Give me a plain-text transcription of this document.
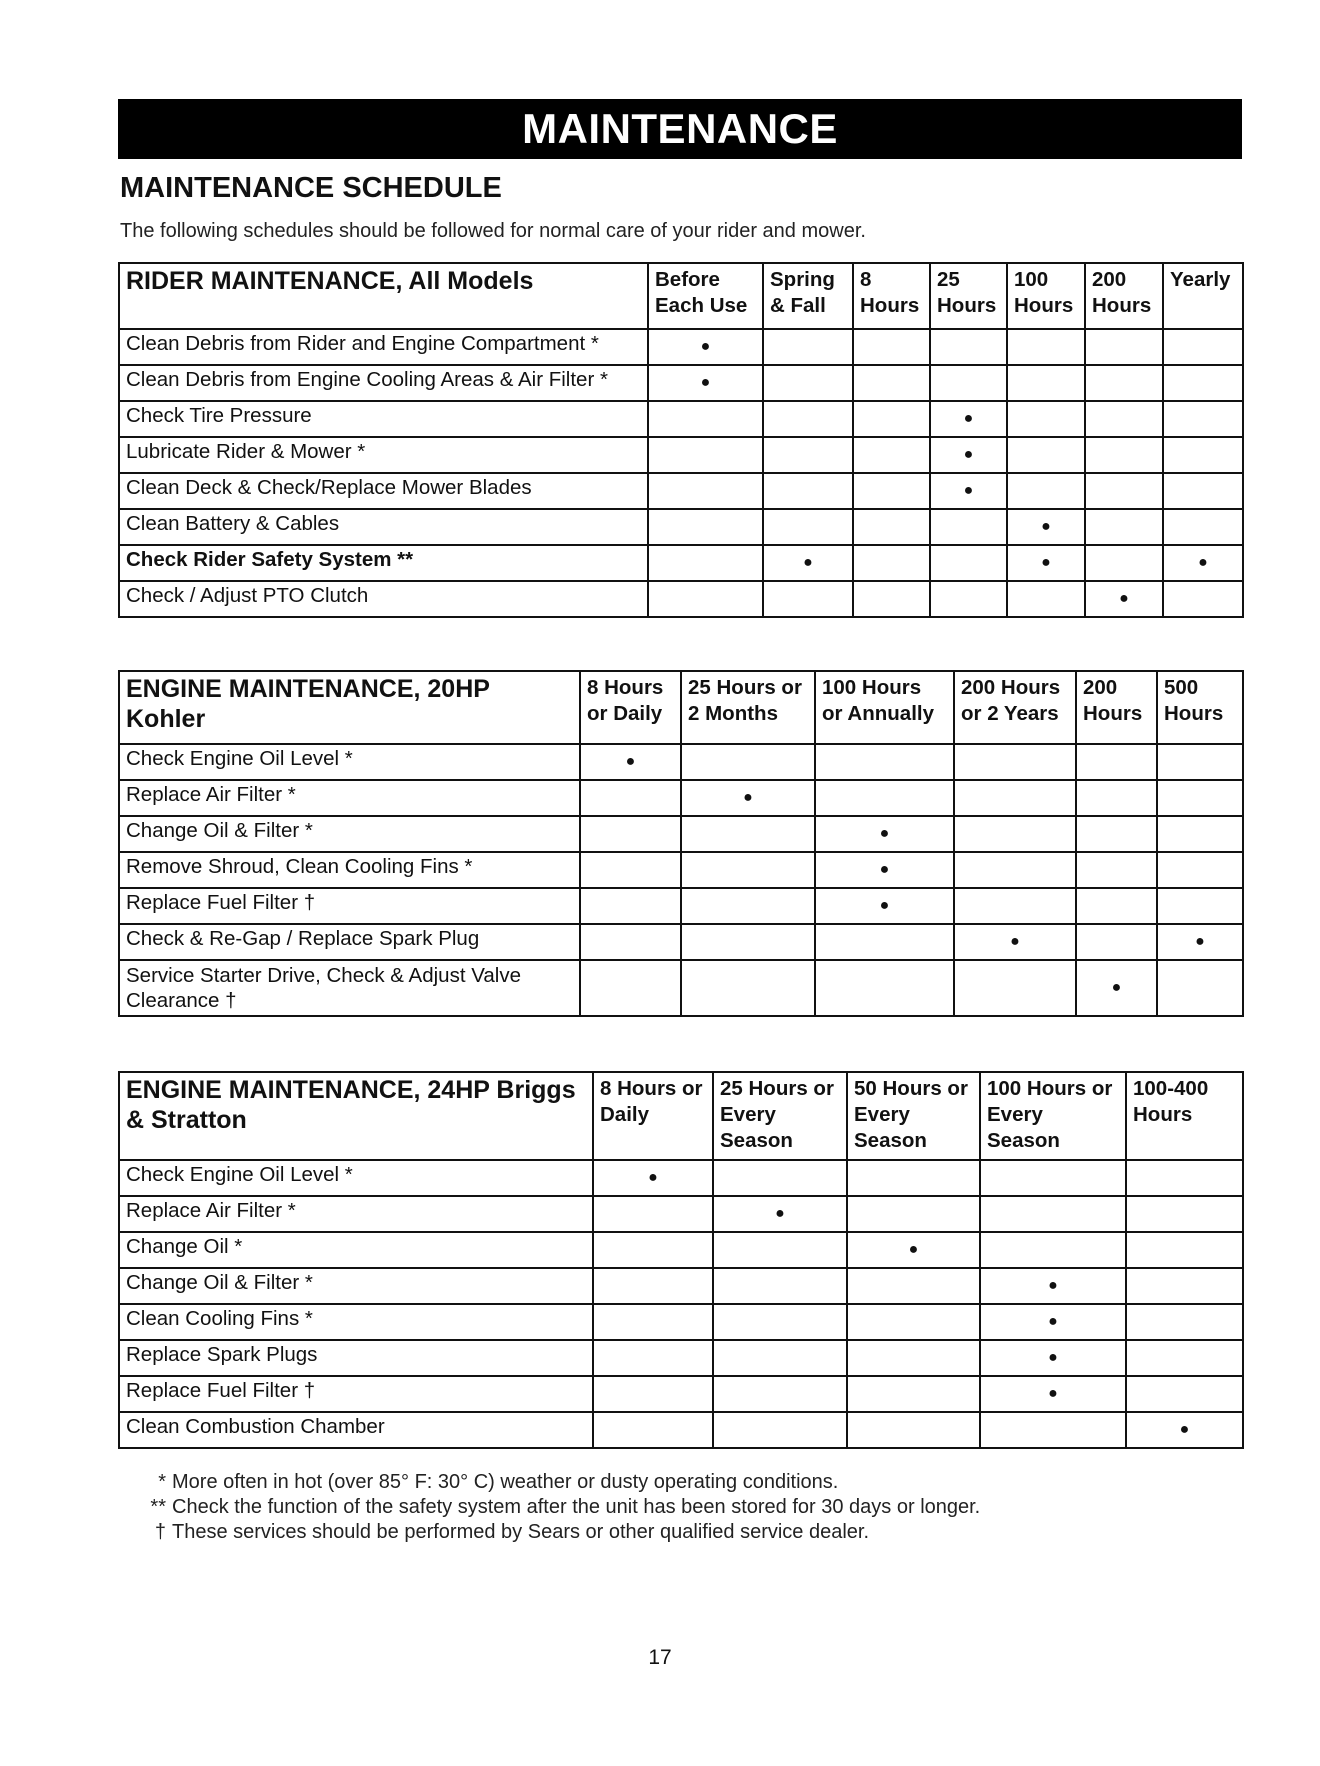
MAINTENANCE
MAINTENANCE SCHEDULE

The following schedules should be followed for normal care of your rider and mower.

RIDER MAINTENANCE, All Models	Before Each Use	Spring & Fall	8 Hours	25 Hours	100 Hours	200 Hours	Yearly
Clean Debris from Rider and Engine Compartment *	●						
Clean Debris from Engine Cooling Areas & Air Filter *	●						
Check Tire Pressure				●			
Lubricate Rider & Mower *				●			
Clean Deck & Check/Replace Mower Blades				●			
Clean Battery & Cables					●		
Check Rider Safety System **		●			●		●
Check / Adjust PTO Clutch						●	
ENGINE MAINTENANCE, 20HP Kohler	8 Hours or Daily	25 Hours or 2 Months	100 Hours or Annually	200 Hours or 2 Years	200 Hours	500 Hours
Check Engine Oil Level *	●					
Replace Air Filter *		●				
Change Oil & Filter *			●			
Remove Shroud, Clean Cooling Fins *			●			
Replace Fuel Filter †			●			
Check & Re-Gap / Replace Spark Plug				●		●
Service Starter Drive, Check & Adjust Valve Clearance †					●	
ENGINE MAINTENANCE, 24HP Briggs & Stratton	8 Hours or Daily	25 Hours or Every Season	50 Hours or Every Season	100 Hours or Every Season	100-400 Hours
Check Engine Oil Level *	●				
Replace Air Filter *		●			
Change Oil *			●		
Change Oil & Filter *				●	
Clean Cooling Fins *				●	
Replace Spark Plugs				●	
Replace Fuel Filter †				●	
Clean Combustion Chamber					●
* More often in hot (over 85° F: 30° C) weather or dusty operating conditions.
** Check the function of the safety system after the unit has been stored for 30 days or longer.
† These services should be performed by Sears or other qualified service dealer.
17
